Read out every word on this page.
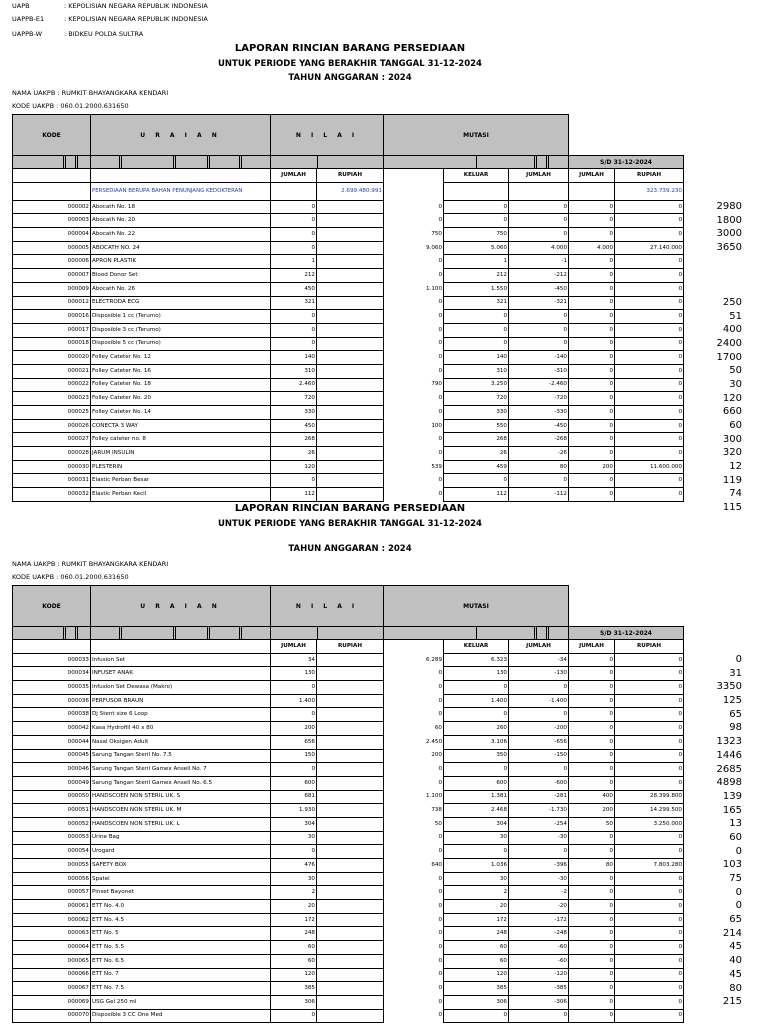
UAPB	: KEPOLISIAN NEGARA REPUBLIK INDONESIA
UAPPB-E1	: KEPOLISIAN NEGARA REPUBLIK INDONESIA
UAPPB-W	: BIDKEU POLDA SULTRA
LAPORAN RINCIAN BARANG PERSEDIAAN
UNTUK PERIODE YANG BERAKHIR TANGGAL 31-12-2024
TAHUN ANGGARAN : 2024
NAMA UAKPB : RUMKIT BHAYANGKARA KENDARI
KODE UAKPB : 060.01.2000.631650
KODE	U R A I A N	N I L A I	MUTASI	

	S/D 31-12-2024
		JUMLAH	RUPIAH		KELUAR	JUMLAH	JUMLAH	RUPIAH
	PERSEDIAAN BERUPA BAHAN PENUNJANG KEDOKTERAN		2.699.480.991					323.739.230
000002	Abocath No. 18	0		0	0	0	0	0
000003	Abocath No. 20	0		0	0	0	0	0
000004	Abocath No. 22	0		750	750	0	0	0
000005	ABOCATH NO. 24	0		9.060	5.060	4.000	4.000	27.140.000
000006	APRON PLASTIK	1		0	1	-1	0	0
000007	Blood Donor Set	212		0	212	-212	0	0
000009	Abocath No. 26	450		1.100	1.550	-450	0	0
000012	ELECTRODA ECG	321		0	321	-321	0	0
000016	Disposible 1 cc (Terumo)	0		0	0	0	0	0
000017	Disposible 3 cc (Terumo)	0		0	0	0	0	0
000018	Disposible 5 cc (Terumo)	0		0	0	0	0	0
000020	Folley Cateter No. 12	140		0	140	-140	0	0
000021	Folley Cateter No. 16	310		0	310	-310	0	0
000022	Folley Cateter No. 18	2.460		790	3.250	-2.460	0	0
000023	Folley Cateter No. 20	720		0	720	-720	0	0
000025	Folley Cateter No. 14	330		0	330	-330	0	0
000026	CONECTA 3 WAY	450		100	550	-450	0	0
000027	Folley cateter no. 8	268		0	268	-268	0	0
000028	JARUM INSULIN	26		0	26	-26	0	0
000030	PLESTERIN	120		539	459	80	200	11.600.000
000031	Elastic Perban Besar	0		0	0	0	0	0
000032	Elastic Perban Kecil	112		0	112	-112	0	0
2980
1800
3000
3650
250
51
400
2400
1700
50
30
120
660
60
300
320
12
119
74
115
LAPORAN RINCIAN BARANG PERSEDIAAN
UNTUK PERIODE YANG BERAKHIR TANGGAL 31-12-2024
TAHUN ANGGARAN : 2024
NAMA UAKPB : RUMKIT BHAYANGKARA KENDARI
KODE UAKPB : 060.01.2000.631650
KODE	U R A I A N	N I L A I	MUTASI	

	S/D 31-12-2024
		JUMLAH	RUPIAH		KELUAR	JUMLAH	JUMLAH	RUPIAH
000033	Infusion Set	34		6.289	6.323	-34	0	0
000034	INFUSET ANAK	130		0	130	-130	0	0
000035	Infusion Set Dewasa (Makro)	0		0	0	0	0	0
000036	PERFUSOR BRAUN	1.400		0	1.400	-1.400	0	0
000038	Dj Stent size 6 Loop	0		0	0	0	0	0
000042	Kasa Hydrofill 40 x 80	200		60	260	-200	0	0
000044	Nasal Oksigen Adult	656		2.450	3.106	-656	0	0
000045	Sarung Tangan Steril No. 7.5	150		200	350	-150	0	0
000046	Sarung Tangan Steril Gamex Ansell No. 7	0		0	0	0	0	0
000049	Sarung Tangan Steril Gamex Ansell No. 6.5	600		0	600	-600	0	0
000050	HANDSCOEN NON STERIL UK. S	681		1.100	1.381	-281	400	28.399.800
000051	HANDSCOEN NON STERIL UK. M	1.930		738	2.468	-1.730	200	14.299.500
000052	HANDSCOEN NON STERIL UK. L	304		50	304	-254	50	3.250.000
000053	Urine Bag	30		0	30	-30	0	0
000054	Urogard	0		0	0	0	0	0
000055	SAFETY BOX	476		640	1.036	-396	80	7.803.280
000056	Spatel	30		0	30	-30	0	0
000057	Pinset Bayonet	2		0	2	-2	0	0
000061	ETT No. 4.0	20		0	20	-20	0	0
000062	ETT No. 4.5	172		0	172	-172	0	0
000063	ETT No. 5	248		0	248	-248	0	0
000064	ETT No. 5.5	60		0	60	-60	0	0
000065	ETT No. 6.5	60		0	60	-60	0	0
000066	ETT No. 7	120		0	120	-120	0	0
000067	ETT No. 7.5	385		0	385	-385	0	0
000069	USG Gel 250 ml	306		0	306	-306	0	0
000070	Disposible 3 CC One Med	0		0	0	0	0	0
0
31
3350
125
65
98
1323
1446
2685
4898
139
165
13
60
0
103
75
0
0
65
214
45
40
45
80
215
